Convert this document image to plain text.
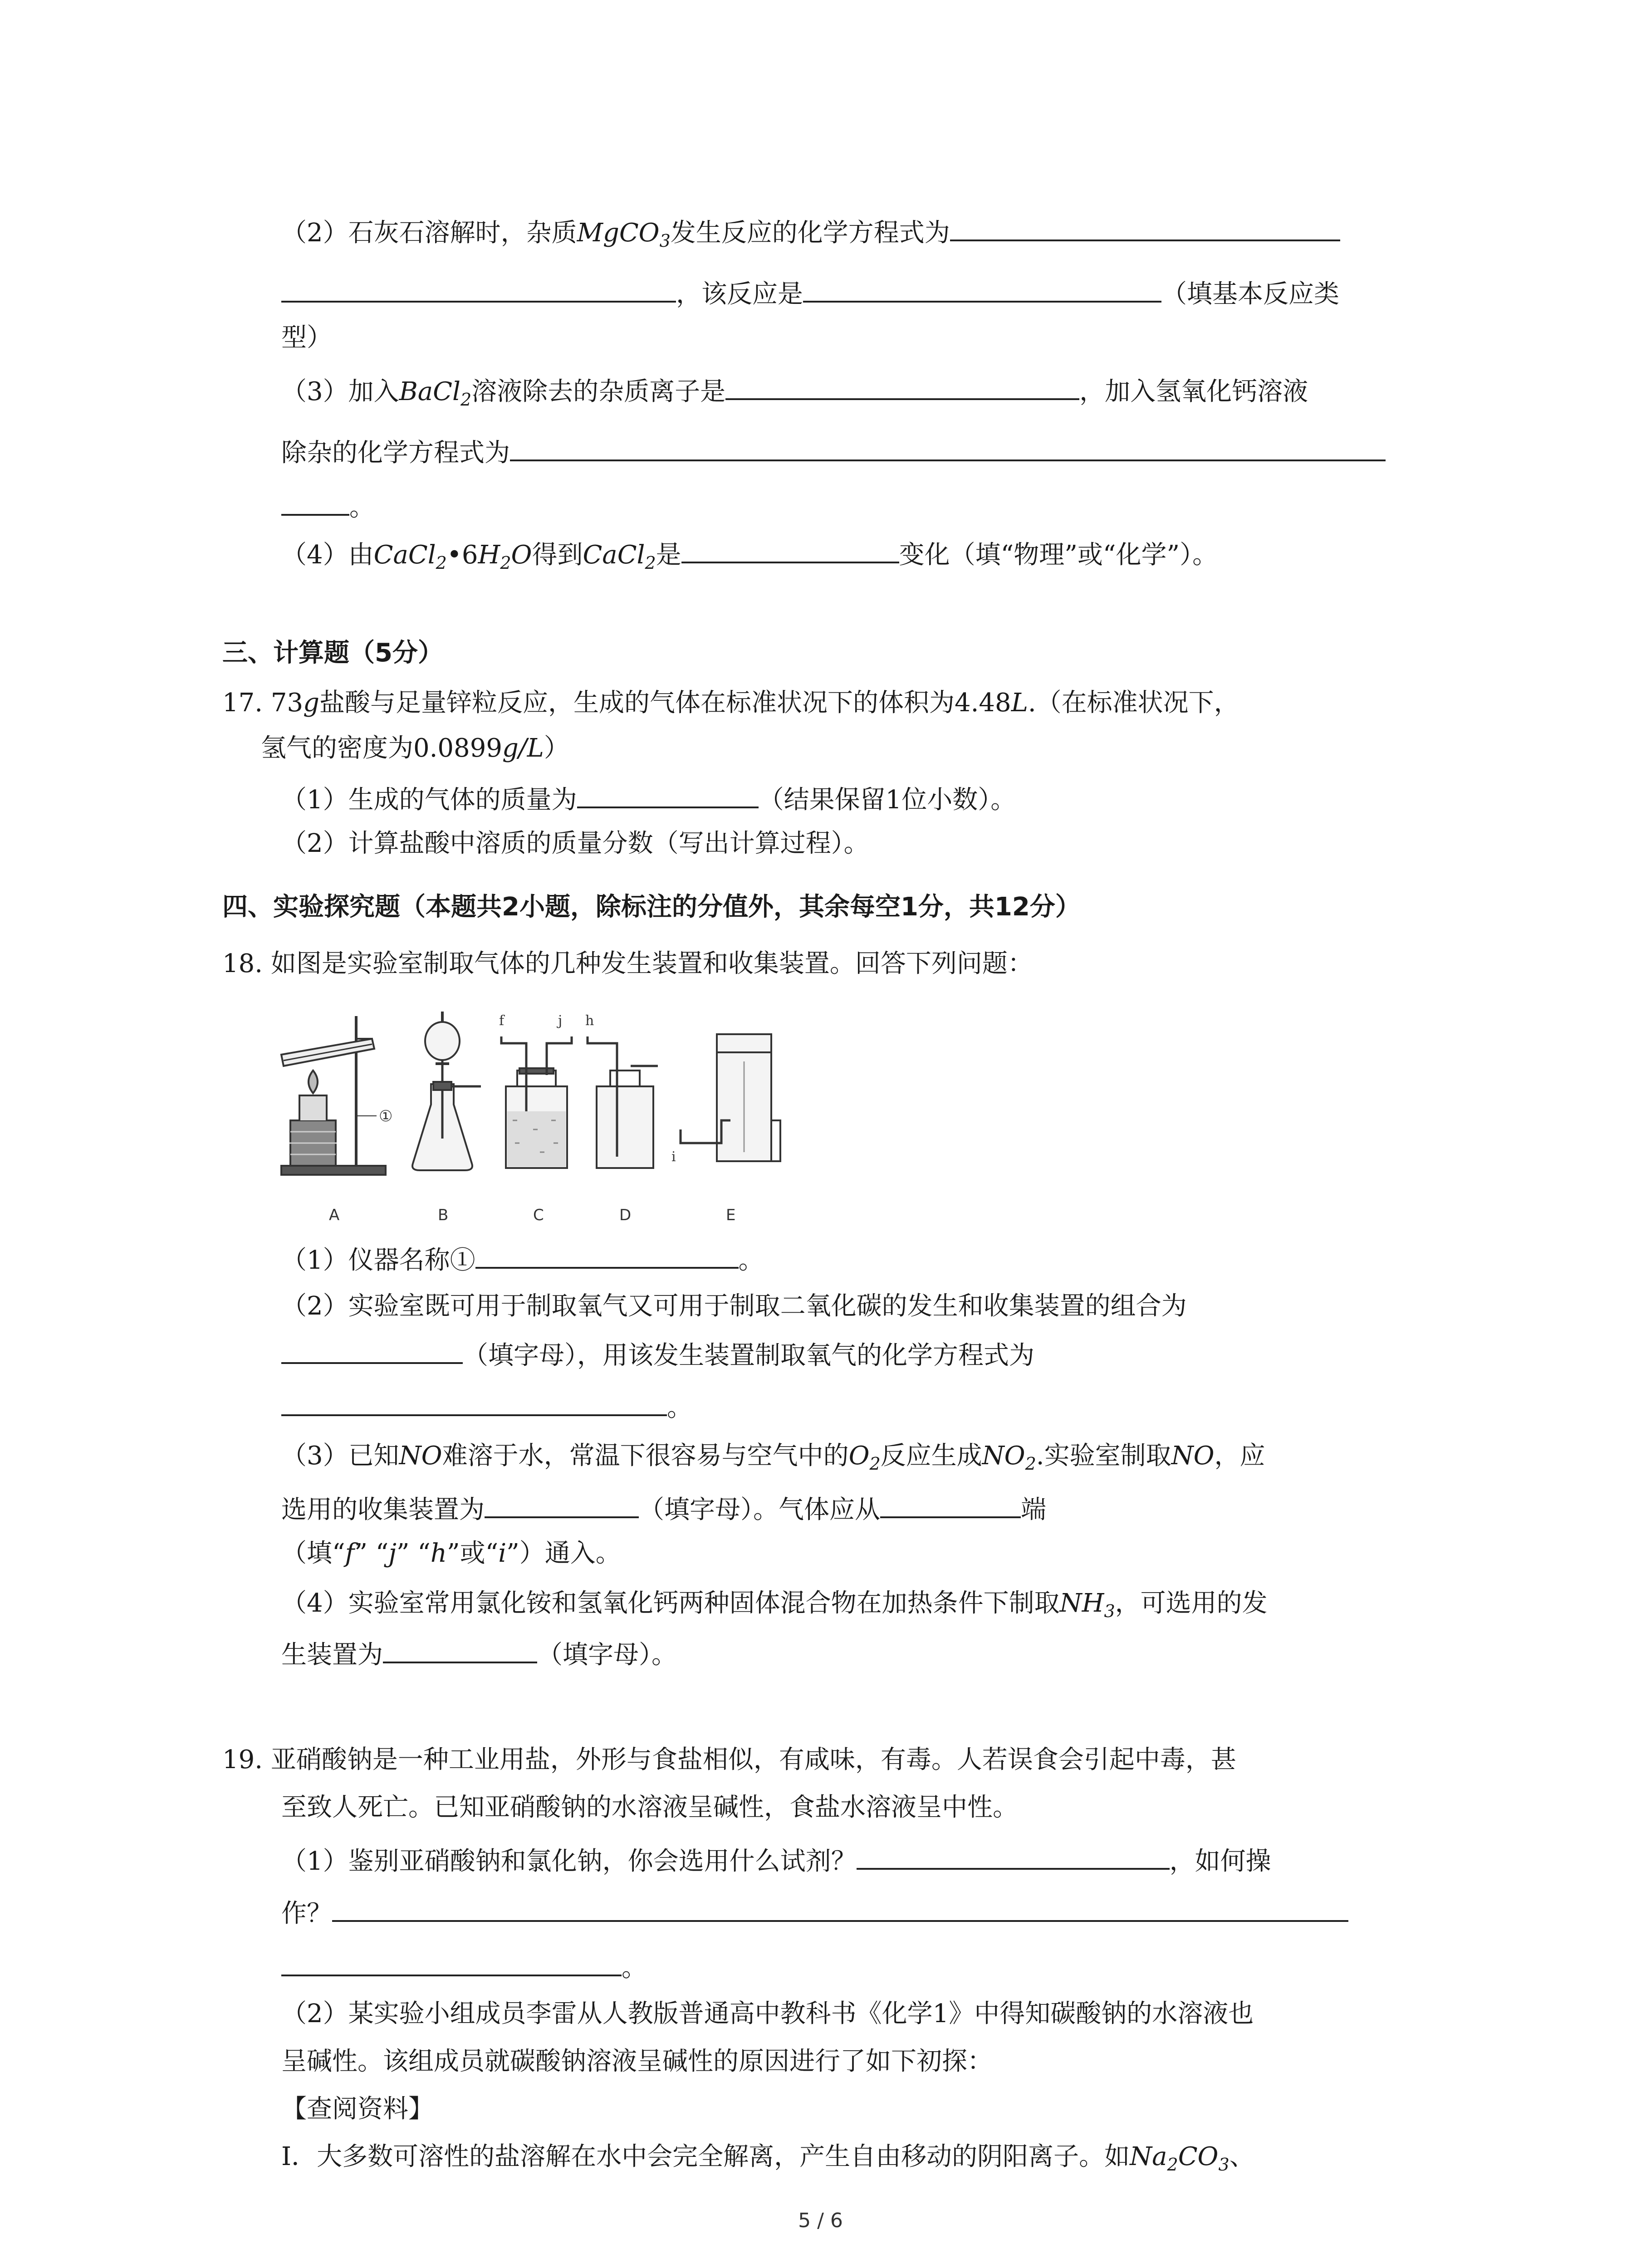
（2）石灰石溶解时，杂质MgCO$_3$发生反应的化学方程式为
，该反应是	（填基本反应类
型）
（3）加入BaCl$_2$溶液除去的杂质离子是	，加入氢氧化钙溶液
除杂的化学方程式为
。
（4）由$CaCl_2•6H_2O$得到CaCl$_2$是	变化（填“物理”或“化学”）。
三、计算题（5分）
17. 73g盐酸与足量锌粒反应，生成的气体在标准状况下的体积为4.48L.（在标准状况下，
氢气的密度为0.0899g/L）
（1）生成的气体的质量为	（结果保留1位小数）。
（2）计算盐酸中溶质的质量分数（写出计算过程）。
四、实验探究题（本题共2小题，除标注的分值外，其余每空1分，共12分）
18. 如图是实验室制取气体的几种发生装置和收集装置。回答下列问题：
①
f	j h
i
A	B	C	D	E
（1）仪器名称①	。
（2）实验室既可用于制取氧气又可用于制取二氧化碳的发生和收集装置的组合为
（填字母），用该发生装置制取氧气的化学方程式为
。
（3）已知NO难溶于水，常温下很容易与空气中的$O_2$反应生成$NO_2$.实验室制取NO，应
选用的收集装置为	（填字母）。气体应从	端
（填“f” “j” “h”或“i”）通入。
（4）实验室常用氯化铵和氢氧化钙两种固体混合物在加热条件下制取$NH_3$，可选用的发
生装置为	（填字母）。
19. 亚硝酸钠是一种工业用盐，外形与食盐相似，有咸味，有毒。人若误食会引起中毒，甚
至致人死亡。已知亚硝酸钠的水溶液呈碱性，食盐水溶液呈中性。
（1）鉴别亚硝酸钠和氯化钠，你会选用什么试剂？	，如何操
作？
。
（2）某实验小组成员李雷从人教版普通高中教科书《化学1》中得知碳酸钠的水溶液也
呈碱性。该组成员就碳酸钠溶液呈碱性的原因进行了如下初探：
【查阅资料】
Ⅰ．大多数可溶性的盐溶解在水中会完全解离，产生自由移动的阴阳离子。如$Na_2CO_3$、
5 / 6
